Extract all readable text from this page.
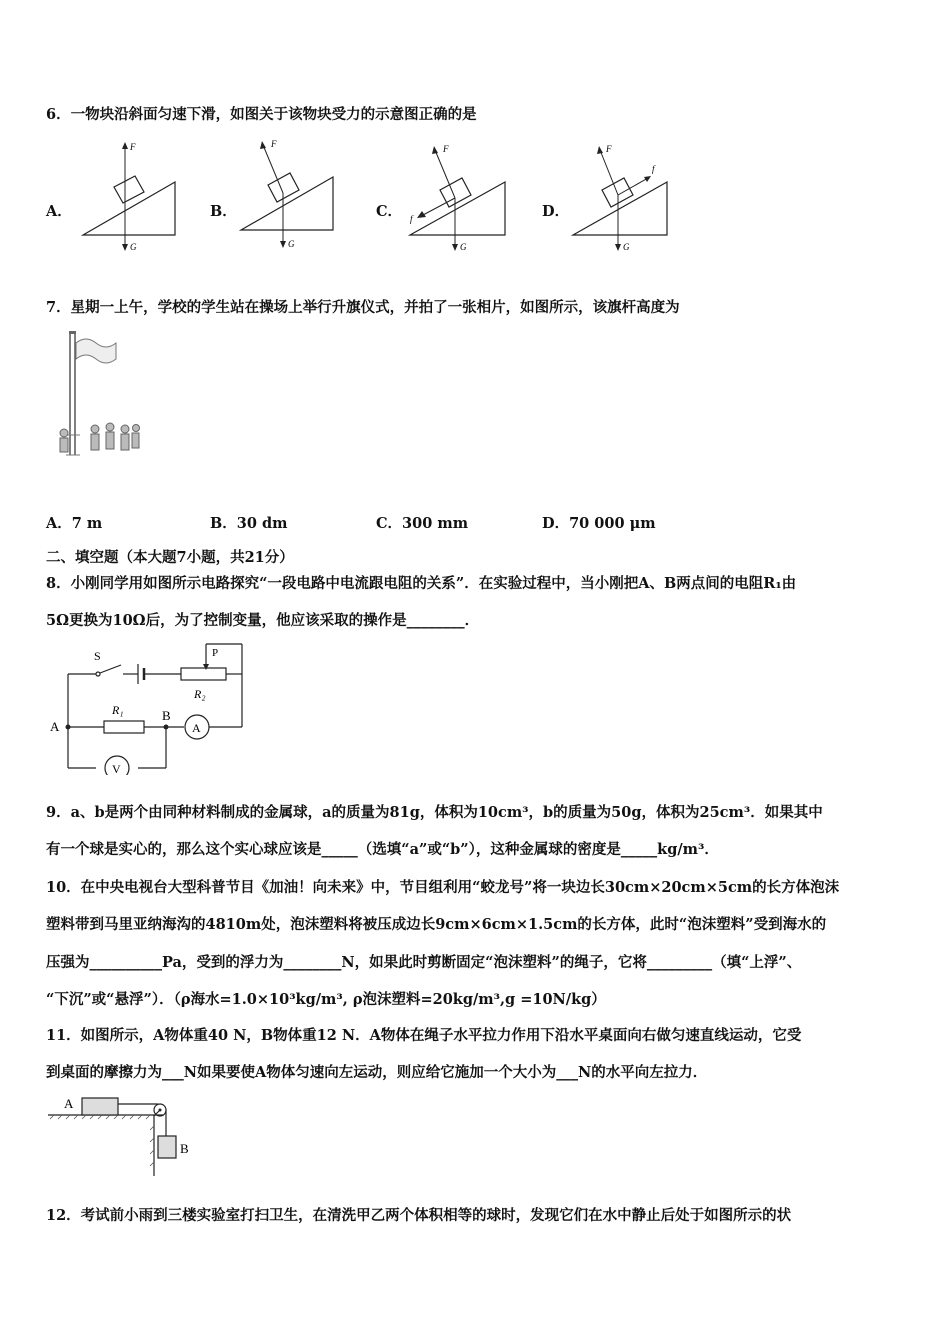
6．一物块沿斜面匀速下滑，如图关于该物块受力的示意图正确的是
A．
F
G
B．
F
G
C．
F
G
f	D．
F
G
f
7．星期一上午，学校的学生站在操场上举行升旗仪式，并拍了一张相片，如图所示，该旗杆高度为
A．7 m	B．30 dm	C．300 mm	D．70 000 μm
二、填空题（本大题7小题，共21分）
8．小刚同学用如图所示电路探究“一段电路中电流跟电阻的关系”．在实验过程中，当小刚把A、B两点间的电阻R₁由
5Ω更换为10Ω后，为了控制变量，他应该采取的操作是________．
S	P
R₂
R₁
A
B
A
V
9．a、b是两个由同种材料制成的金属球，a的质量为81g，体积为10cm³，b的质量为50g，体积为25cm³．如果其中
有一个球是实心的，那么这个实心球应该是_____（选填“a”或“b”），这种金属球的密度是_____kg/m³．
10．在中央电视台大型科普节目《加油！向未来》中，节目组利用“蛟龙号”将一块边长30cm×20cm×5cm的长方体泡沫
塑料带到马里亚纳海沟的4810m处，泡沫塑料将被压成边长9cm×6cm×1.5cm的长方体，此时“泡沫塑料”受到海水的
压强为__________Pa，受到的浮力为________N，如果此时剪断固定“泡沫塑料”的绳子，它将_________（填“上浮”、
“下沉”或“悬浮”）．（ρ海水=1.0×10³kg/m³, ρ泡沫塑料=20kg/m³,g =10N/kg）
11．如图所示，A物体重40 N，B物体重12 N．A物体在绳子水平拉力作用下沿水平桌面向右做匀速直线运动，它受
到桌面的摩擦力为___N如果要使A物体匀速向左运动，则应给它施加一个大小为___N的水平向左拉力．
A
B
12．考试前小雨到三楼实验室打扫卫生，在清洗甲乙两个体积相等的球时，发现它们在水中静止后处于如图所示的状
